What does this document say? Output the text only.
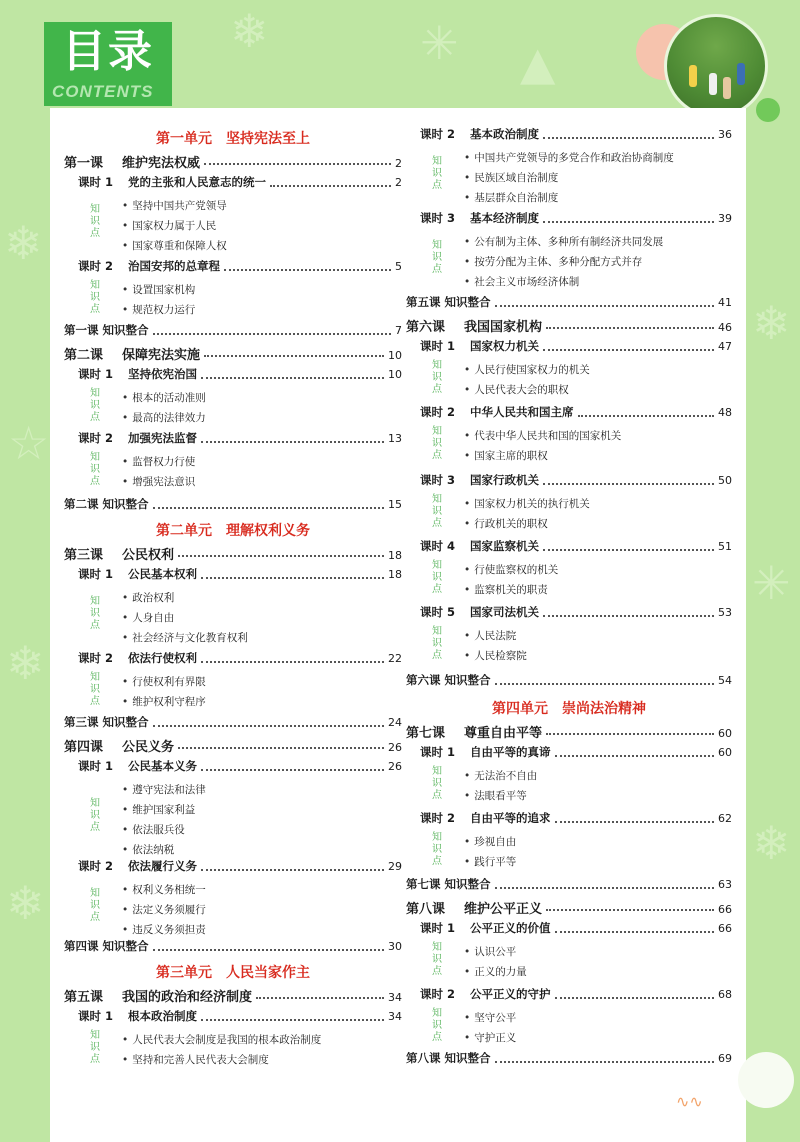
❄	✳ ▲
❄
☆
❄
❄
❄
✳
❄
目录
CONTENTS
第一单元 坚持宪法至上
第一课 维护宪法权威	2
课时 1 党的主张和人民意志的统一	2
知
识
点
• 坚持中国共产党领导
• 国家权力属于人民
• 国家尊重和保障人权
课时 2 治国安邦的总章程	5
知
识
点
• 设置国家机构
• 规范权力运行
第一课 知识整合	7
第二课 保障宪法实施	10
课时 1 坚持依宪治国	10
知
识
点
• 根本的活动准则
• 最高的法律效力
课时 2 加强宪法监督	13
知
识
点
• 监督权力行使
• 增强宪法意识
第二课 知识整合	15
第二单元 理解权利义务
第三课 公民权利	18
课时 1 公民基本权利	18
知
识
点
• 政治权利
• 人身自由
• 社会经济与文化教育权利
课时 2 依法行使权利	22
知
识
点
• 行使权利有界限
• 维护权利守程序
第三课 知识整合	24
第四课 公民义务	26
课时 1 公民基本义务	26
知
识
点
• 遵守宪法和法律
• 维护国家利益
• 依法服兵役
• 依法纳税
课时 2 依法履行义务	29
知
识
点
• 权利义务相统一
• 法定义务须履行
• 违反义务须担责
第四课 知识整合	30
第三单元 人民当家作主
第五课 我国的政治和经济制度	34
课时 1 根本政治制度	34
知
识
点
• 人民代表大会制度是我国的根本政治制度
• 坚持和完善人民代表大会制度
课时 2 基本政治制度	36
知
识
点
• 中国共产党领导的多党合作和政治协商制度
• 民族区域自治制度
• 基层群众自治制度
课时 3 基本经济制度	39
知
识
点
• 公有制为主体、多种所有制经济共同发展
• 按劳分配为主体、多种分配方式并存
• 社会主义市场经济体制
第五课 知识整合	41
第六课 我国国家机构	46
课时 1 国家权力机关	47
知
识
点
• 人民行使国家权力的机关
• 人民代表大会的职权
课时 2 中华人民共和国主席	48
知
识
点
• 代表中华人民共和国的国家机关
• 国家主席的职权
课时 3 国家行政机关	50
知
识
点
• 国家权力机关的执行机关
• 行政机关的职权
课时 4 国家监察机关	51
知
识
点
• 行使监察权的机关
• 监察机关的职责
课时 5 国家司法机关	53
知
识
点
• 人民法院
• 人民检察院
第六课 知识整合	54
第四单元 崇尚法治精神
第七课 尊重自由平等	60
课时 1 自由平等的真谛	60
知
识
点
• 无法治不自由
• 法眼看平等
课时 2 自由平等的追求	62
知
识
点
• 珍视自由
• 践行平等
第七课 知识整合	63
第八课 维护公平正义	66
课时 1 公平正义的价值	66
知
识
点
• 认识公平
• 正义的力量
课时 2 公平正义的守护	68
知
识
点
• 坚守公平
• 守护正义
第八课 知识整合	69
∿∿
